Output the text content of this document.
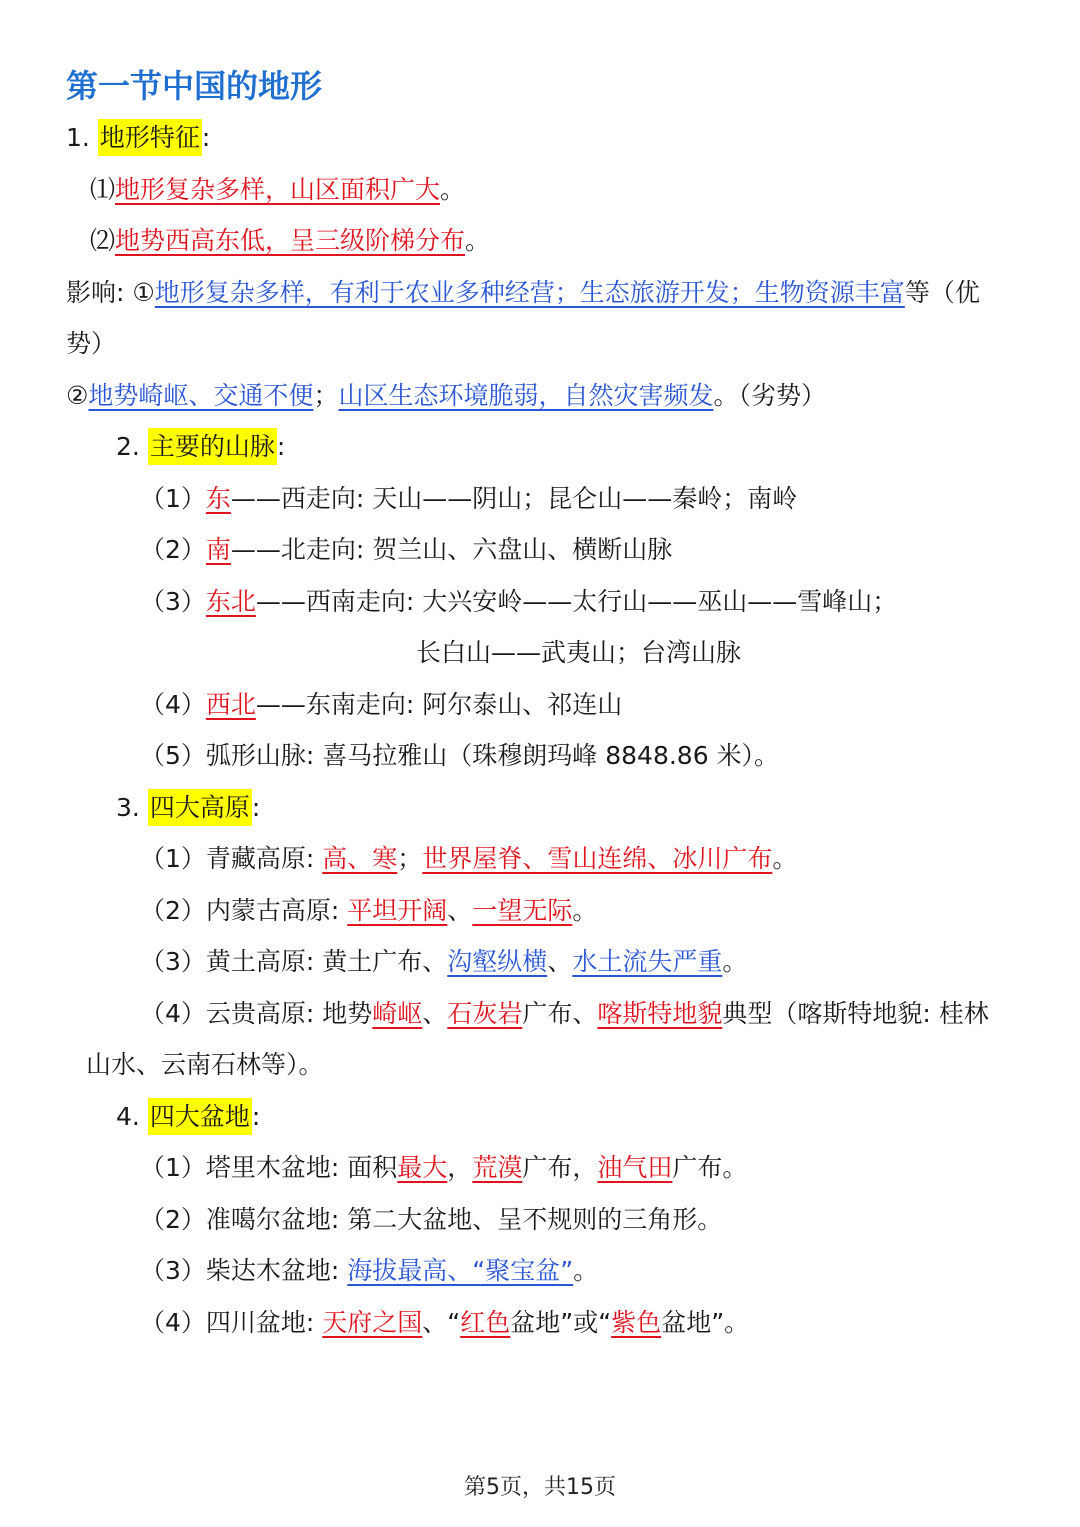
第一节中国的地形
1. 地形特征:
⑴地形复杂多样，山区面积广大。
⑵地势西高东低，呈三级阶梯分布。
影响: ①地形复杂多样，有利于农业多种经营；生态旅游开发；生物资源丰富等（优
势）
②地势崎岖、交通不便；山区生态环境脆弱，自然灾害频发。（劣势）
2. 主要的山脉:
（1）东——西走向: 天山——阴山；昆仑山——秦岭；南岭
（2）南——北走向: 贺兰山、六盘山、横断山脉
（3）东北——西南走向: 大兴安岭——太行山——巫山——雪峰山；
长白山——武夷山；台湾山脉
（4）西北——东南走向: 阿尔泰山、祁连山
（5）弧形山脉: 喜马拉雅山（珠穆朗玛峰 8848.86 米）。
3. 四大高原:
（1）青藏高原: 高、寒；世界屋脊、雪山连绵、冰川广布。
（2）内蒙古高原: 平坦开阔、一望无际。
（3）黄土高原: 黄土广布、沟壑纵横、水土流失严重。
（4）云贵高原: 地势崎岖、石灰岩广布、喀斯特地貌典型（喀斯特地貌: 桂林
山水、云南石林等）。
4. 四大盆地:
（1）塔里木盆地: 面积最大，荒漠广布，油气田广布。
（2）准噶尔盆地: 第二大盆地、呈不规则的三角形。
（3）柴达木盆地: 海拔最高、“聚宝盆”。
（4）四川盆地: 天府之国、“红色盆地”或“紫色盆地”。
第5页，共15页
